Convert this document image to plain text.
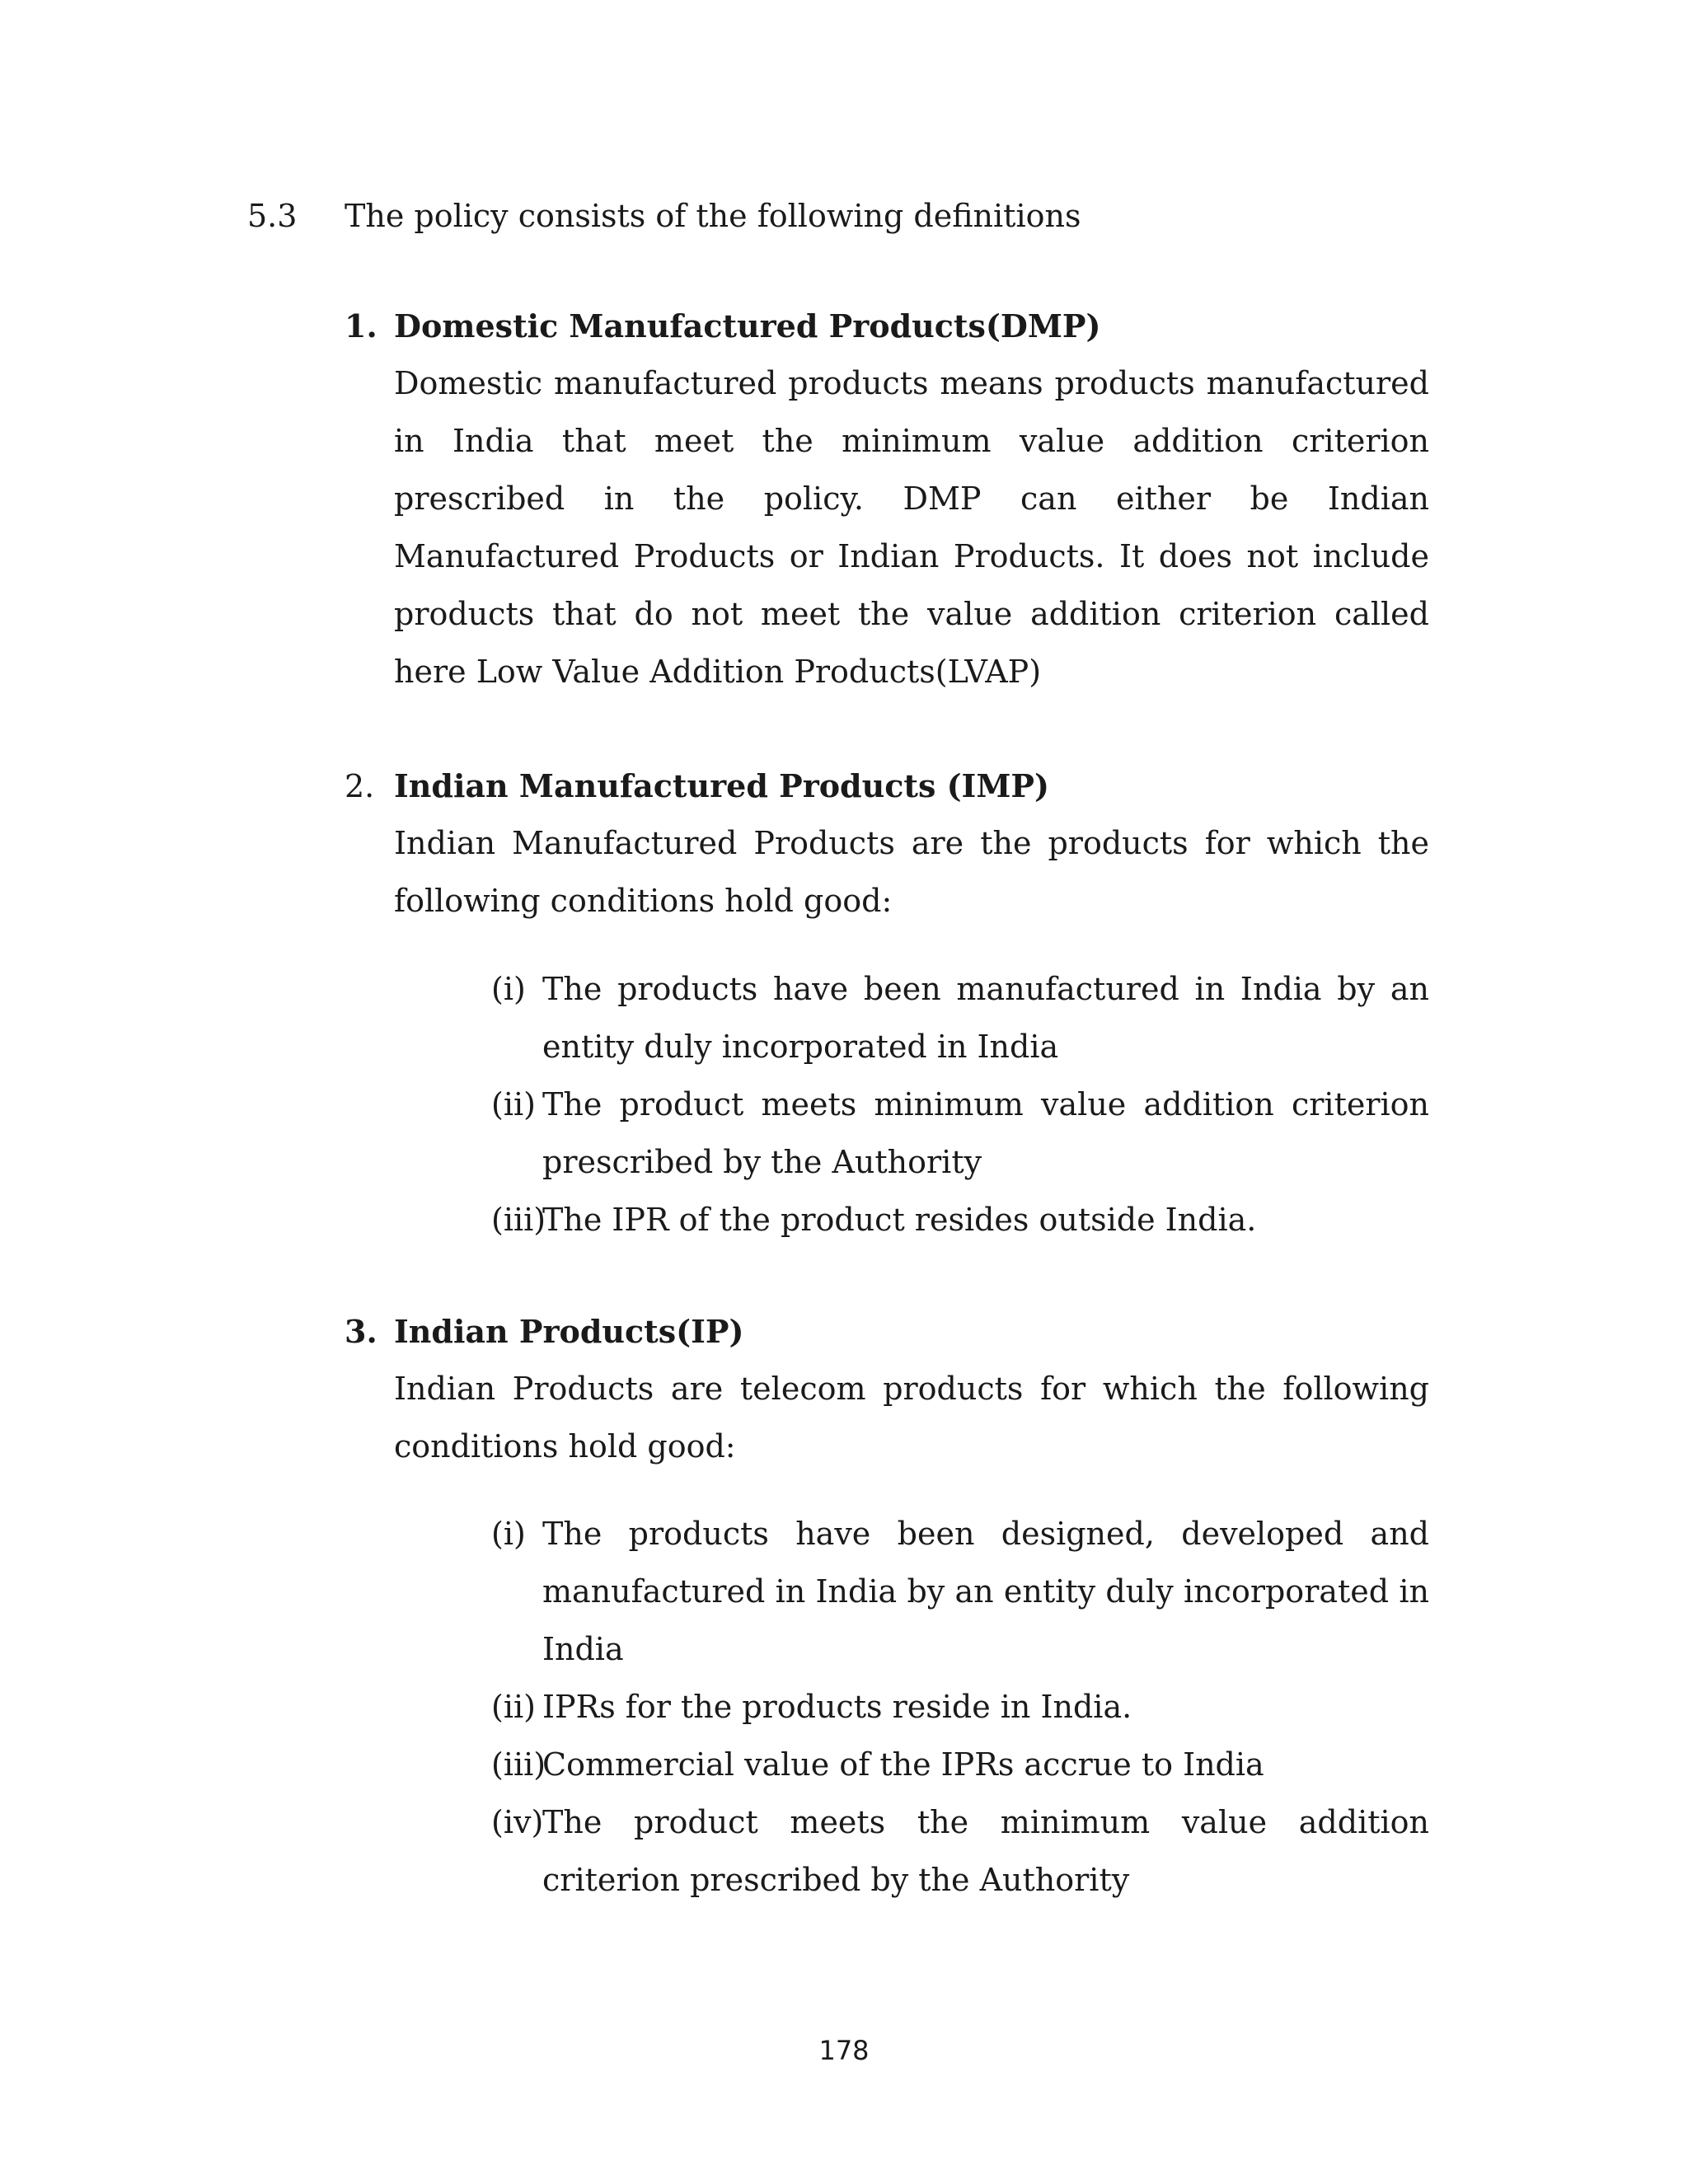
5.3 The policy consists of the following definitions
1. Domestic Manufactured Products(DMP)
Domestic manufactured products means products manufactured in India that meet the minimum value addition criterion prescribed in the policy. DMP can either be Indian Manufactured Products or Indian Products. It does not include products that do not meet the value addition criterion called here Low Value Addition Products(LVAP)
2. Indian Manufactured Products (IMP)
Indian Manufactured Products are the products for which the following conditions hold good:
(i) The products have been manufactured in India by an entity duly incorporated in India
(ii) The product meets minimum value addition criterion prescribed by the Authority
(iii)
The IPR of the product resides outside India.
3. Indian Products(IP)
Indian Products are telecom products for which the following conditions hold good:
(i) The products have been designed, developed and manufactured in India by an entity duly incorporated in India
(ii) IPRs for the products reside in India.
(iii)
Commercial value of the IPRs accrue to India
(iv)
The product meets the minimum value addition criterion prescribed by the Authority
178
